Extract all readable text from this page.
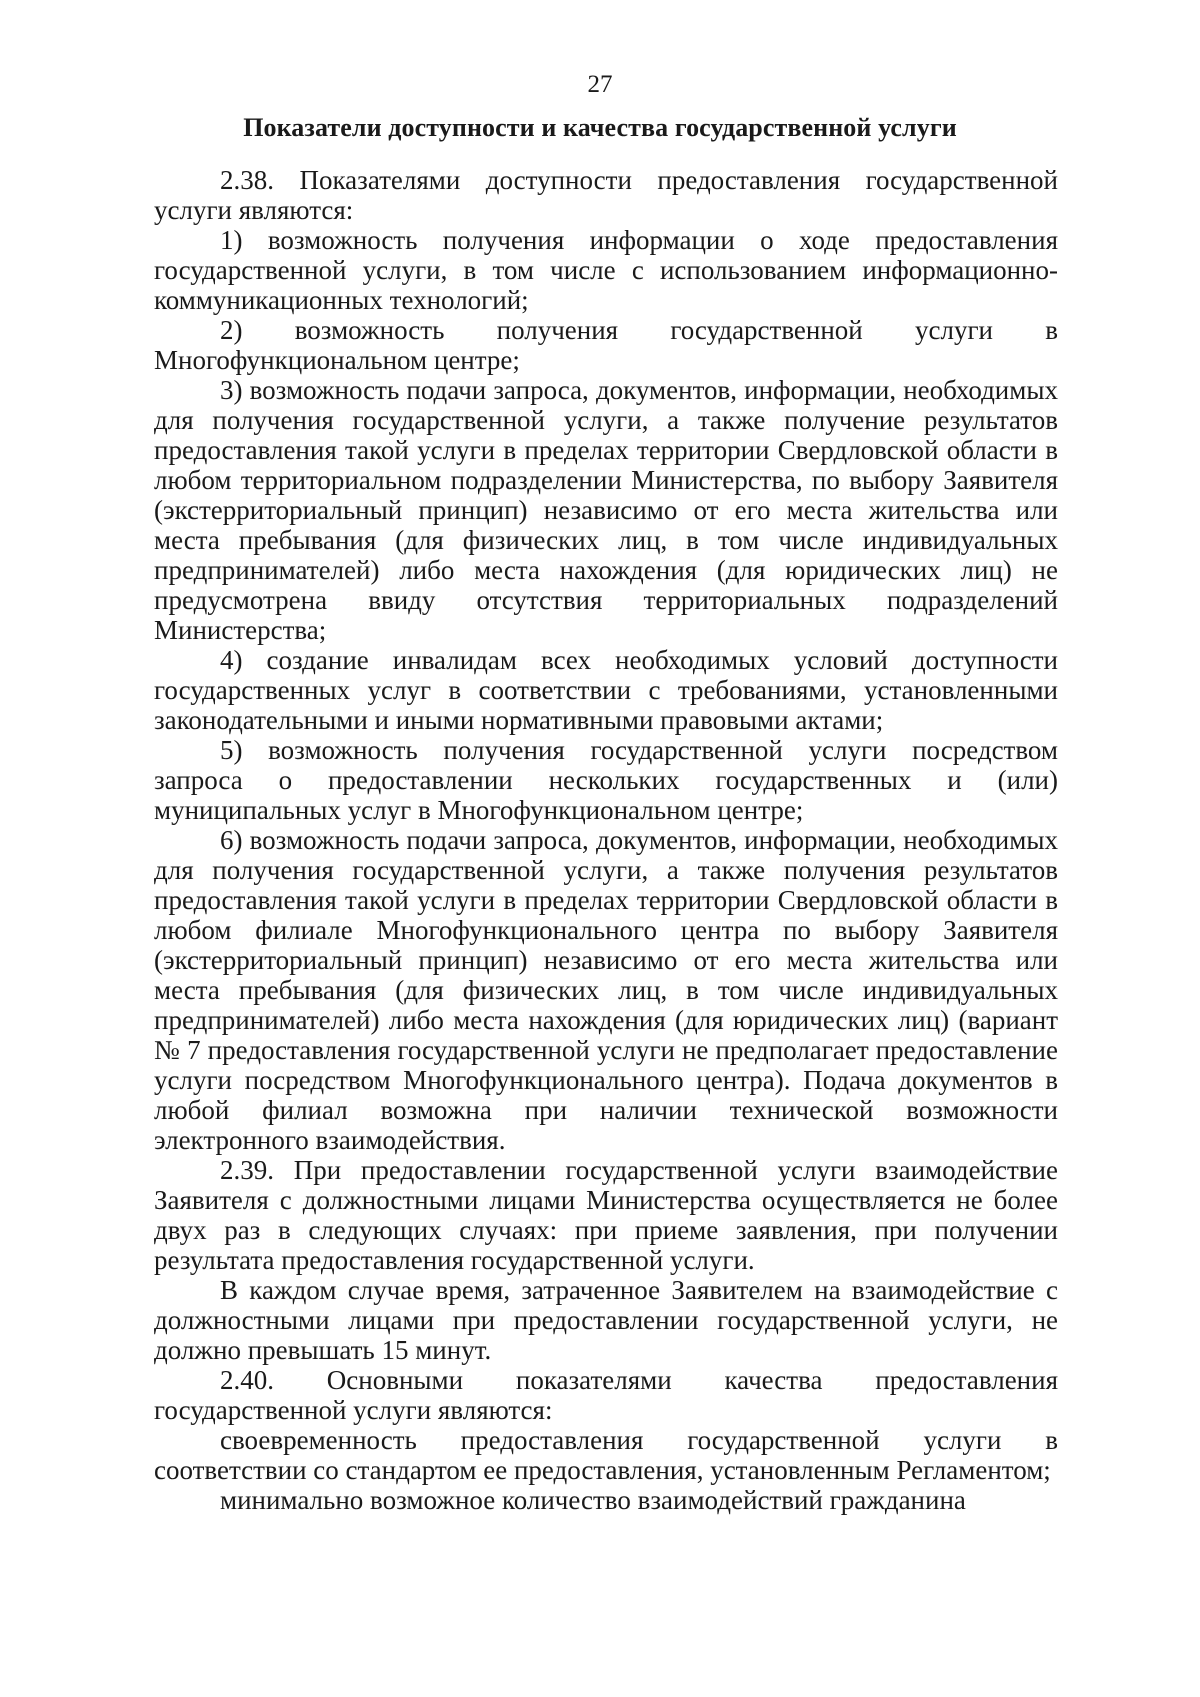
27
Показатели доступности и качества государственной услуги

2.38. Показателями доступности предоставления государственной услуги являются:

1) возможность получения информации о ходе предоставления государственной услуги, в том числе с использованием информационно-коммуникационных технологий;

2) возможность получения государственной услуги в Многофункциональном центре;

3) возможность подачи запроса, документов, информации, необходимых для получения государственной услуги, а также получение результатов предоставления такой услуги в пределах территории Свердловской области в любом территориальном подразделении Министерства, по выбору Заявителя (экстерриториальный принцип) независимо от его места жительства или места пребывания (для физических лиц, в том числе индивидуальных предпринимателей) либо места нахождения (для юридических лиц) не предусмотрена ввиду отсутствия территориальных подразделений Министерства;

4) создание инвалидам всех необходимых условий доступности государственных услуг в соответствии с требованиями, установленными законодательными и иными нормативными правовыми актами;

5) возможность получения государственной услуги посредством запроса о предоставлении нескольких государственных и (или) муниципальных услуг в Многофункциональном центре;

6) возможность подачи запроса, документов, информации, необходимых для получения государственной услуги, а также получения результатов предоставления такой услуги в пределах территории Свердловской области в любом филиале Многофункционального центра по выбору Заявителя (экстерриториальный принцип) независимо от его места жительства или места пребывания (для физических лиц, в том числе индивидуальных предпринимателей) либо места нахождения (для юридических лиц) (вариант № 7 предоставления государственной услуги не предполагает предоставление услуги посредством Многофункционального центра). Подача документов в любой филиал возможна при наличии технической возможности электронного взаимодействия.

2.39. При предоставлении государственной услуги взаимодействие Заявителя с должностными лицами Министерства осуществляется не более двух раз в следующих случаях: при приеме заявления, при получении результата предоставления государственной услуги.

В каждом случае время, затраченное Заявителем на взаимодействие с должностными лицами при предоставлении государственной услуги, не должно превышать 15 минут.

2.40. Основными показателями качества предоставления государственной услуги являются:

своевременность предоставления государственной услуги в соответствии со стандартом ее предоставления, установленным Регламентом;

минимально возможное количество взаимодействий гражданина
